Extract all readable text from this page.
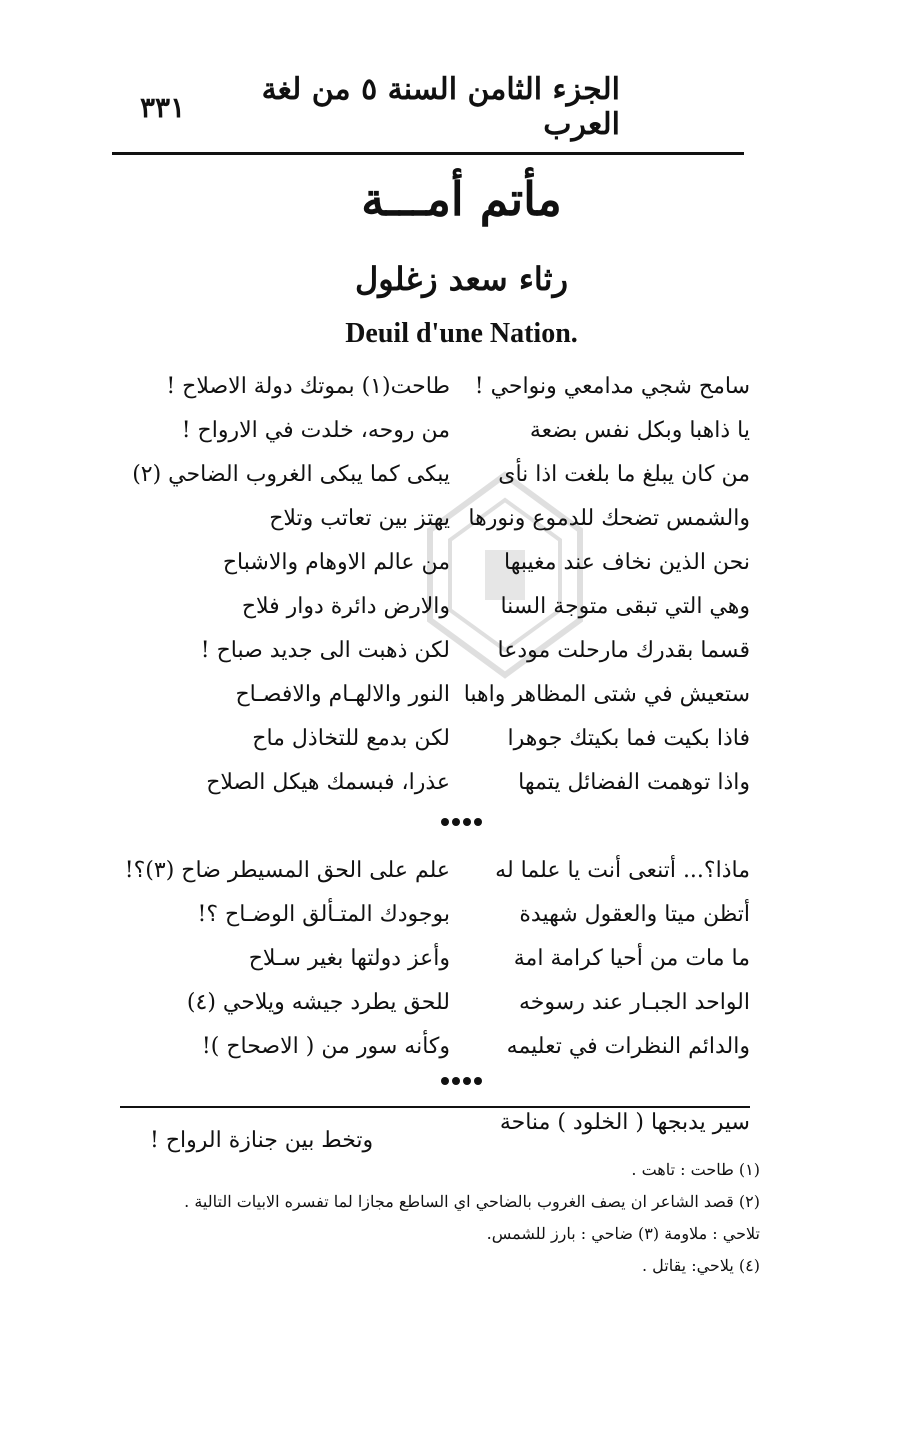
الجزء الثامن السنة ٥ من لغة العرب
٣٣١
مأتم أمـــة
رثاء سعد زغلول
Deuil d'une Nation.
سامح شجي مدامعي ونواحي !
طاحت(١) بموتك دولة الاصلاح !
يا ذاهبا وبكل نفس بضعة
من روحه، خلدت في الارواح !
من كان يبلغ ما بلغت اذا نأى
يبكى كما يبكى الغروب الضاحي (٢)
والشمس تضحك للدموع ونورها
يهتز بين تعاتب وتلاح
نحن الذين نخاف عند مغيبها
من عالم الاوهام والاشباح
وهي التي تبقى متوجة السنا
والارض دائرة دوار فلاح
قسما بقدرك مارحلت مودعا
لكن ذهبت الى جديد صباح !
ستعيش في شتى المظاهر واهبا
النور والالهـام والافصـاح
فاذا بكيت فما بكيتك جوهرا
لكن بدمع للتخاذل ماح
واذا توهمت الفضائل يتمها
عذرا، فبسمك هيكل الصلاح
ماذا؟... أتنعى أنت يا علما له
علم على الحق المسيطر ضاح (٣)؟!
أتظن ميتا والعقول شهيدة
بوجودك المتـألق الوضـاح ؟!
ما مات من أحيا كرامة امة
وأعز دولتها بغير سـلاح
الواحد الجبـار عند رسوخه
للحق يطرد جيشه ويلاحي (٤)
والدائم النظرات في تعليمه
وكأنه سور من ( الاصحاح )!
سير يدبجها ( الخلود ) مناحة
وتخط بين جنازة الرواح !
(١) طاحت : تاهت .
(٢) قصد الشاعر ان يصف الغروب بالضاحي اي الساطع مجازا لما تفسره الابيات التالية .
تلاحي : ملاومة (٣) ضاحي : بارز للشمس.
(٤) يلاحي: يقاتل .
